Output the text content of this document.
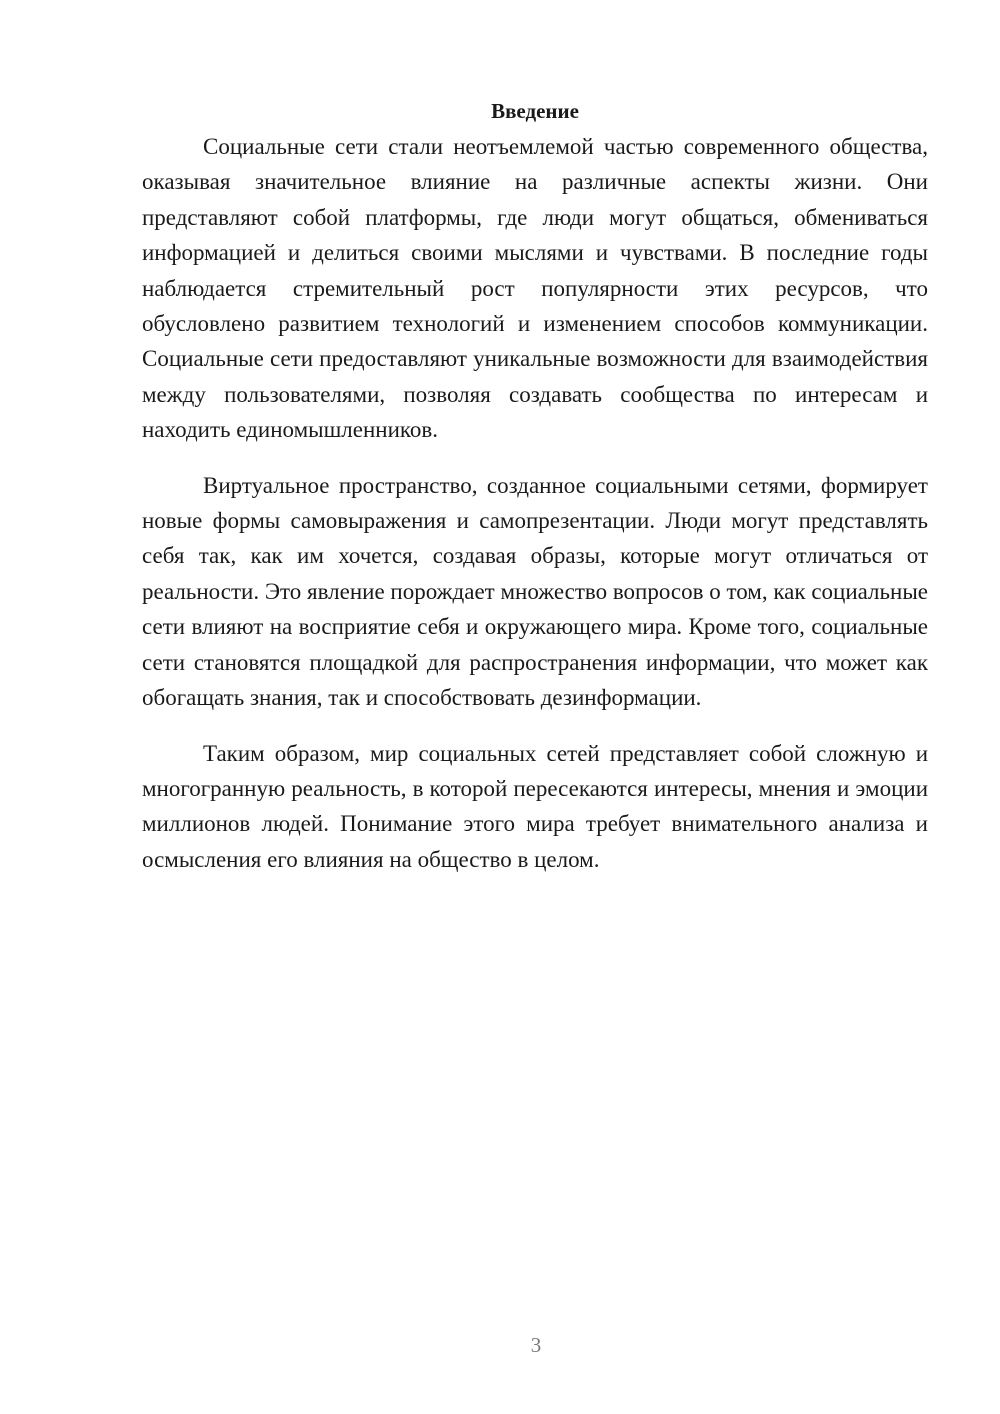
Введение

Социальные сети стали неотъемлемой частью современного общества, оказывая значительное влияние на различные аспекты жизни. Они представляют собой платформы, где люди могут общаться, обмениваться информацией и делиться своими мыслями и чувствами. В последние годы наблюдается стремительный рост популярности этих ресурсов, что обусловлено развитием технологий и изменением способов коммуникации. Социальные сети предоставляют уникальные возможности для взаимодействия между пользователями, позволяя создавать сообщества по интересам и находить единомышленников.

Виртуальное пространство, созданное социальными сетями, формирует новые формы самовыражения и самопрезентации. Люди могут представлять себя так, как им хочется, создавая образы, которые могут отличаться от реальности. Это явление порождает множество вопросов о том, как социальные сети влияют на восприятие себя и окружающего мира. Кроме того, социальные сети становятся площадкой для распространения информации, что может как обогащать знания, так и способствовать дезинформации.

Таким образом, мир социальных сетей представляет собой сложную и многогранную реальность, в которой пересекаются интересы, мнения и эмоции миллионов людей. Понимание этого мира требует внимательного анализа и осмысления его влияния на общество в целом.

3
